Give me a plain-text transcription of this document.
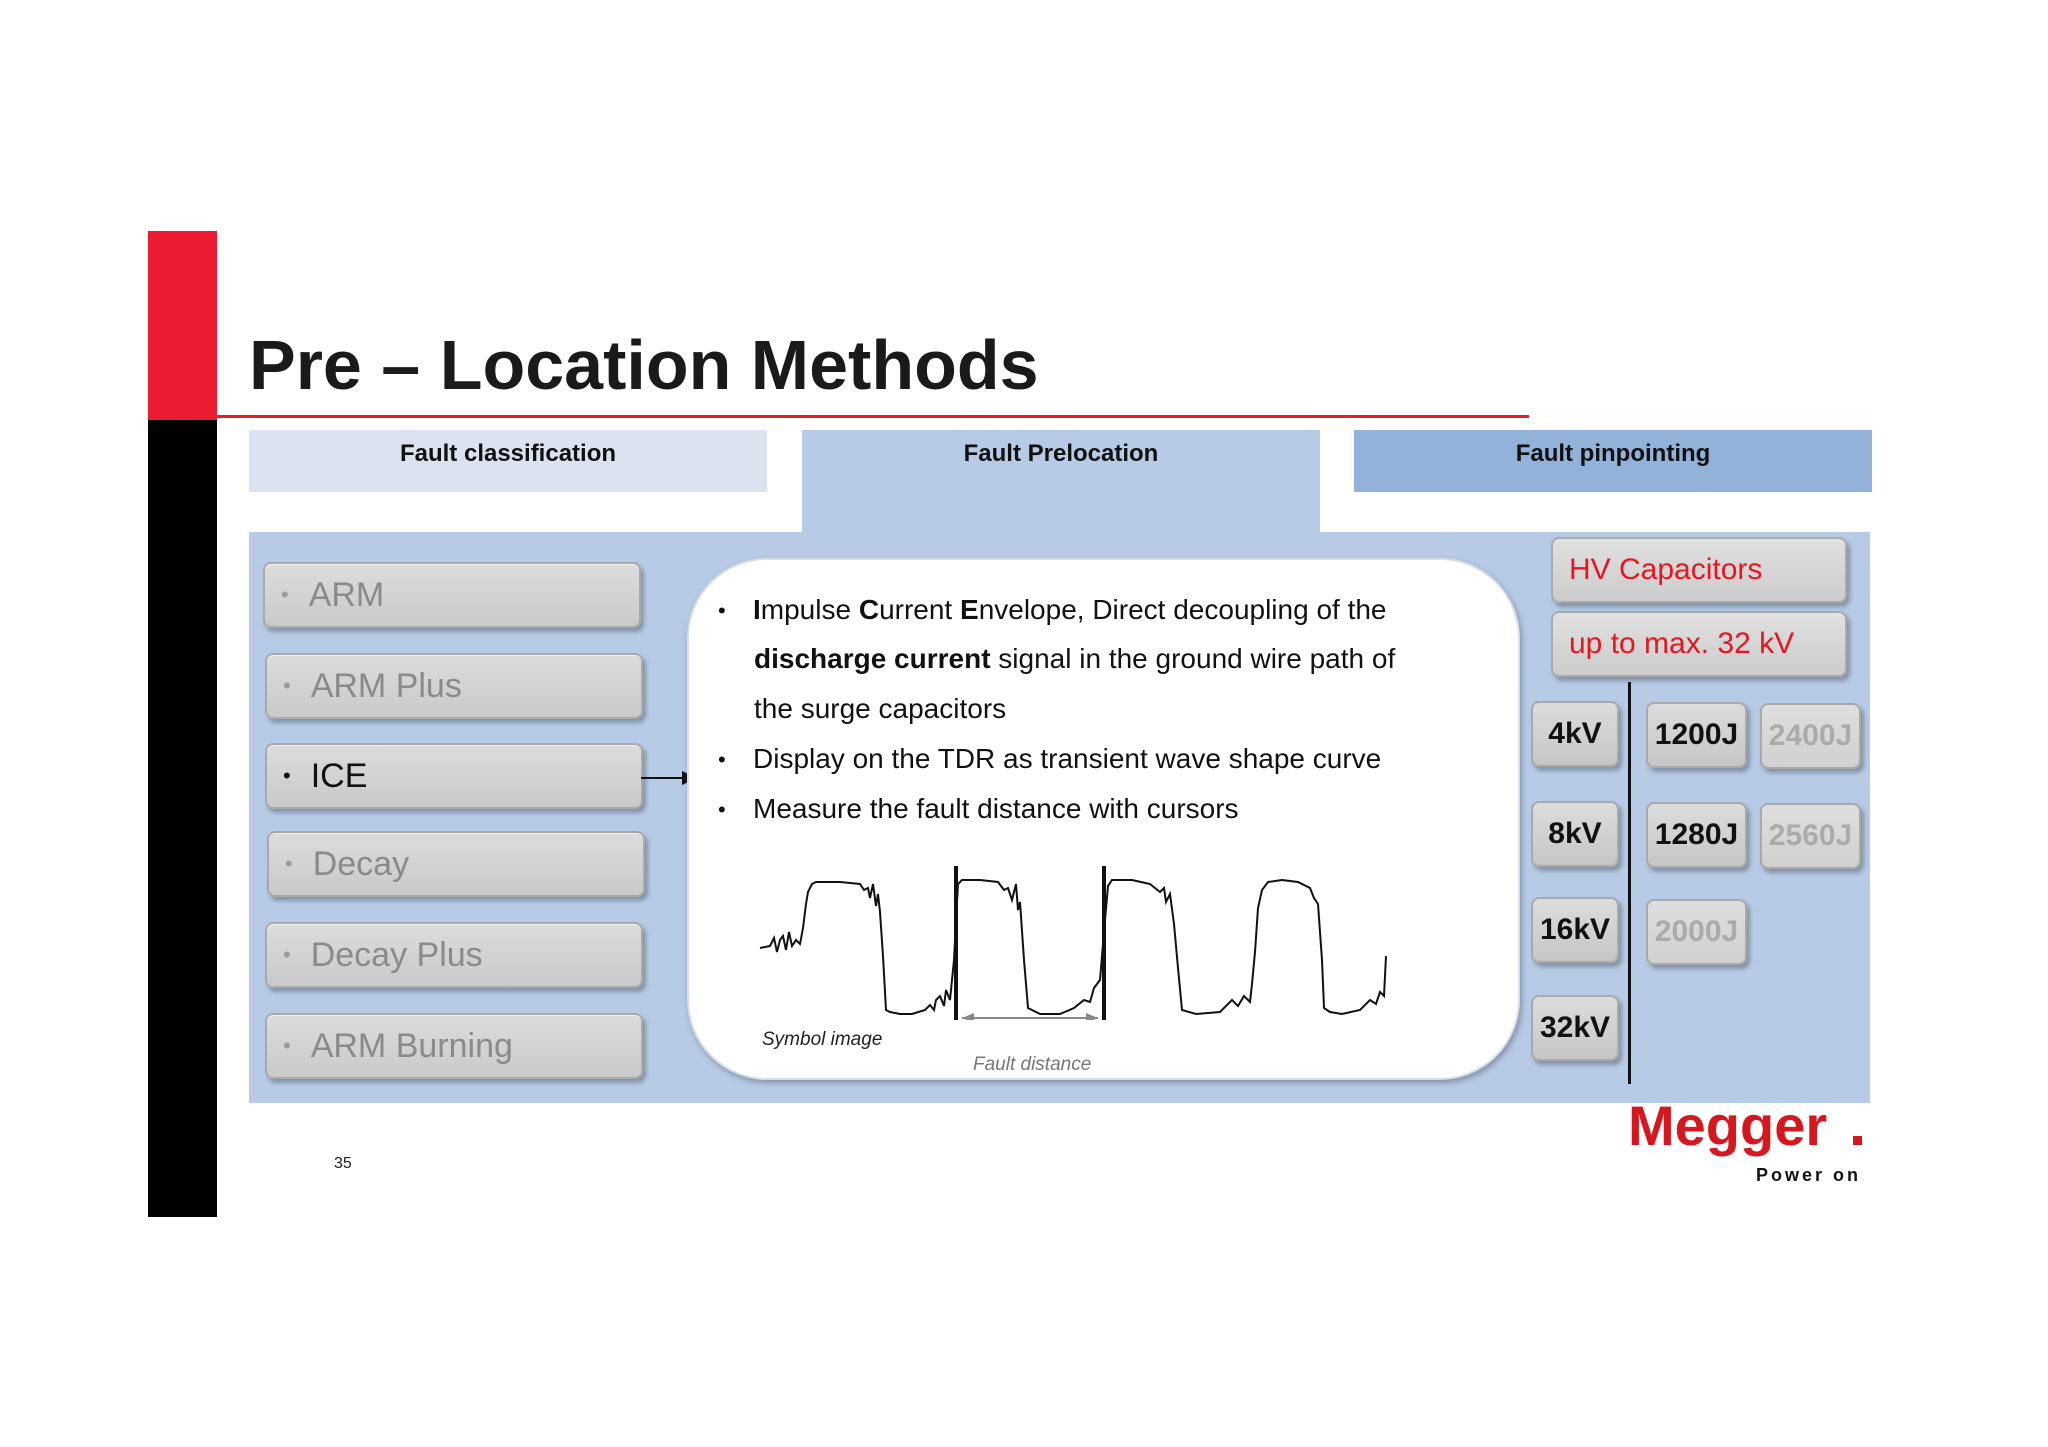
Pre – Location Methods
Fault classification	Fault Prelocation	Fault pinpointing
• ARM
• ARM Plus
• ICE
• Decay
• Decay Plus
• ARM Burning
• Impulse Current Envelope, Direct decoupling of the
discharge current signal in the ground wire path of
the surge capacitors
• Display on the TDR as transient wave shape curve
• Measure the fault distance with cursors
Symbol image
Fault distance
HV Capacitors
up to max. 32 kV
4kV
8kV
16kV
32kV
1200J 2400J
1280J 2560J
2000J
35
Megger
Power on
